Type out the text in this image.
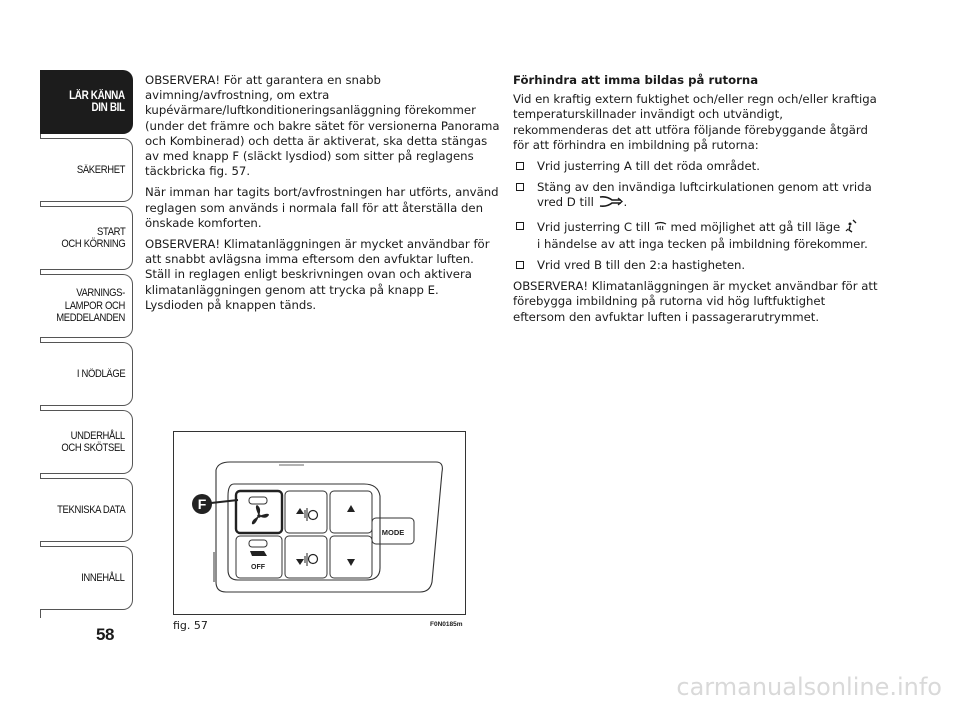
LÄR KÄNNA
DIN BIL
SÄKERHET
START
OCH KÖRNING
VARNINGS-
LAMPOR OCH
MEDDELANDEN
I NÖDLÄGE
UNDERHÅLL
OCH SKÖTSEL
TEKNISKA DATA
INNEHÅLL
58

OBSERVERA! För att garantera en snabb avimning/avfrostning, om extra kupévärmare/luftkonditioneringsanläggning förekommer (under det främre och bakre sätet för versionerna Panorama och Kombinerad) och detta är aktiverat, ska detta stängas av med knapp F (släckt lysdiod) som sitter på reglagens täckbricka fig. 57.

När imman har tagits bort/avfrostningen har utförts, använd reglagen som används i normala fall för att återställa den önskade komforten.

OBSERVERA! Klimatanläggningen är mycket användbar för att snabbt avlägsna imma eftersom den avfuktar luften. Ställ in reglagen enligt beskrivningen ovan och aktivera klimatanläggningen genom att trycka på knapp E. Lysdioden på knappen tänds.

Förhindra att imma bildas på rutorna

Vid en kraftig extern fuktighet och/eller regn och/eller kraftiga temperaturskillnader invändigt och utvändigt, rekommenderas det att utföra följande förebyggande åtgärd för att förhindra en imbildning på rutorna:

Vrid justerring A till det röda området.
Stäng av den invändiga luftcirkulationen genom att vrida vred D till	.
Vrid justerring C till med möjlighet att gå till läge
i händelse av att inga tecken på imbildning förekommer.
Vrid vred B till den 2:a hastigheten.

OBSERVERA! Klimatanläggningen är mycket användbar för att förebygga imbildning på rutorna vid hög luftfuktighet eftersom den avfuktar luften i passagerarutrymmet.

MODE
OFF
F
fig. 57	F0N0185m
carmanualsonline.info
